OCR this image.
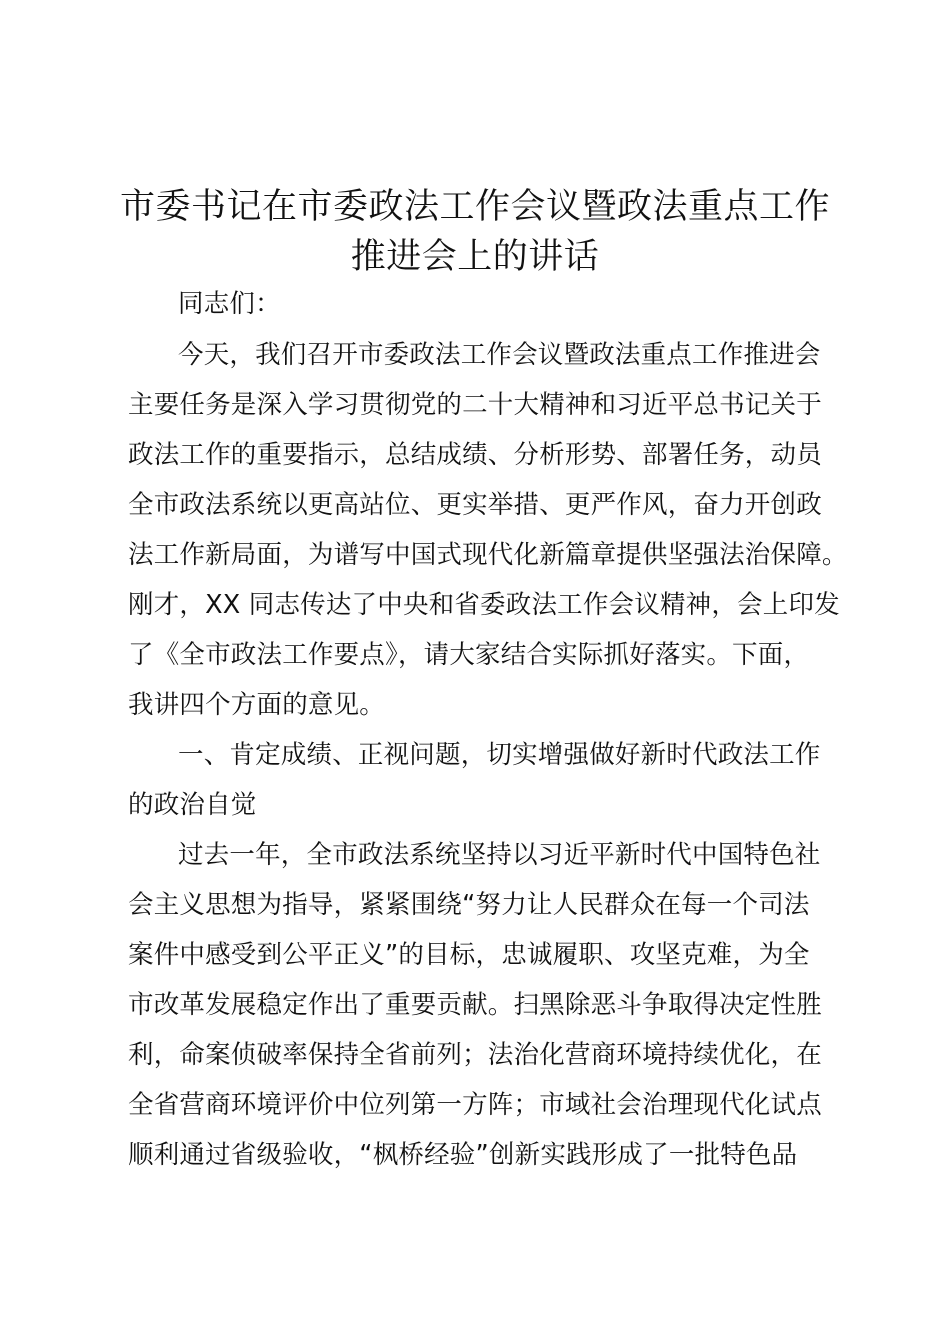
市委书记在市委政法工作会议暨政法重点工作
推进会上的讲话
同志们：
今天，我们召开市委政法工作会议暨政法重点工作推进会
主要任务是深入学习贯彻党的二十大精神和习近平总书记关于
政法工作的重要指示，总结成绩、分析形势、部署任务，动员
全市政法系统以更高站位、更实举措、更严作风，奋力开创政
法工作新局面，为谱写中国式现代化新篇章提供坚强法治保障。
刚才，XX 同志传达了中央和省委政法工作会议精神，会上印发
了《全市政法工作要点》，请大家结合实际抓好落实。下面，
我讲四个方面的意见。
一、肯定成绩、正视问题，切实增强做好新时代政法工作
的政治自觉
过去一年，全市政法系统坚持以习近平新时代中国特色社
会主义思想为指导，紧紧围绕“努力让人民群众在每一个司法
案件中感受到公平正义”的目标，忠诚履职、攻坚克难，为全
市改革发展稳定作出了重要贡献。扫黑除恶斗争取得决定性胜
利，命案侦破率保持全省前列；法治化营商环境持续优化，在
全省营商环境评价中位列第一方阵；市域社会治理现代化试点
顺利通过省级验收，“枫桥经验”创新实践形成了一批特色品
